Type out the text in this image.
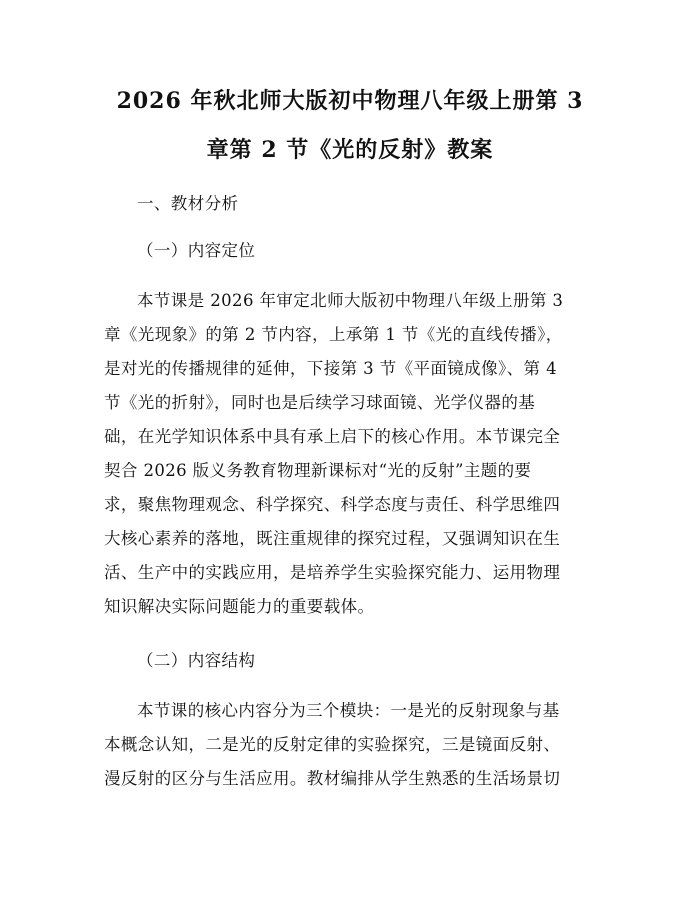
2026 年秋北师大版初中物理八年级上册第 3
章第 2 节《光的反射》教案
一、教材分析
（一）内容定位
本节课是 2026 年审定北师大版初中物理八年级上册第 3
章《光现象》的第 2 节内容，上承第 1 节《光的直线传播》，
是对光的传播规律的延伸，下接第 3 节《平面镜成像》、第 4
节《光的折射》，同时也是后续学习球面镜、光学仪器的基
础，在光学知识体系中具有承上启下的核心作用。本节课完全
契合 2026 版义务教育物理新课标对“光的反射”主题的要
求，聚焦物理观念、科学探究、科学态度与责任、科学思维四
大核心素养的落地，既注重规律的探究过程，又强调知识在生
活、生产中的实践应用，是培养学生实验探究能力、运用物理
知识解决实际问题能力的重要载体。
（二）内容结构
本节课的核心内容分为三个模块：一是光的反射现象与基
本概念认知，二是光的反射定律的实验探究，三是镜面反射、
漫反射的区分与生活应用。教材编排从学生熟悉的生活场景切
